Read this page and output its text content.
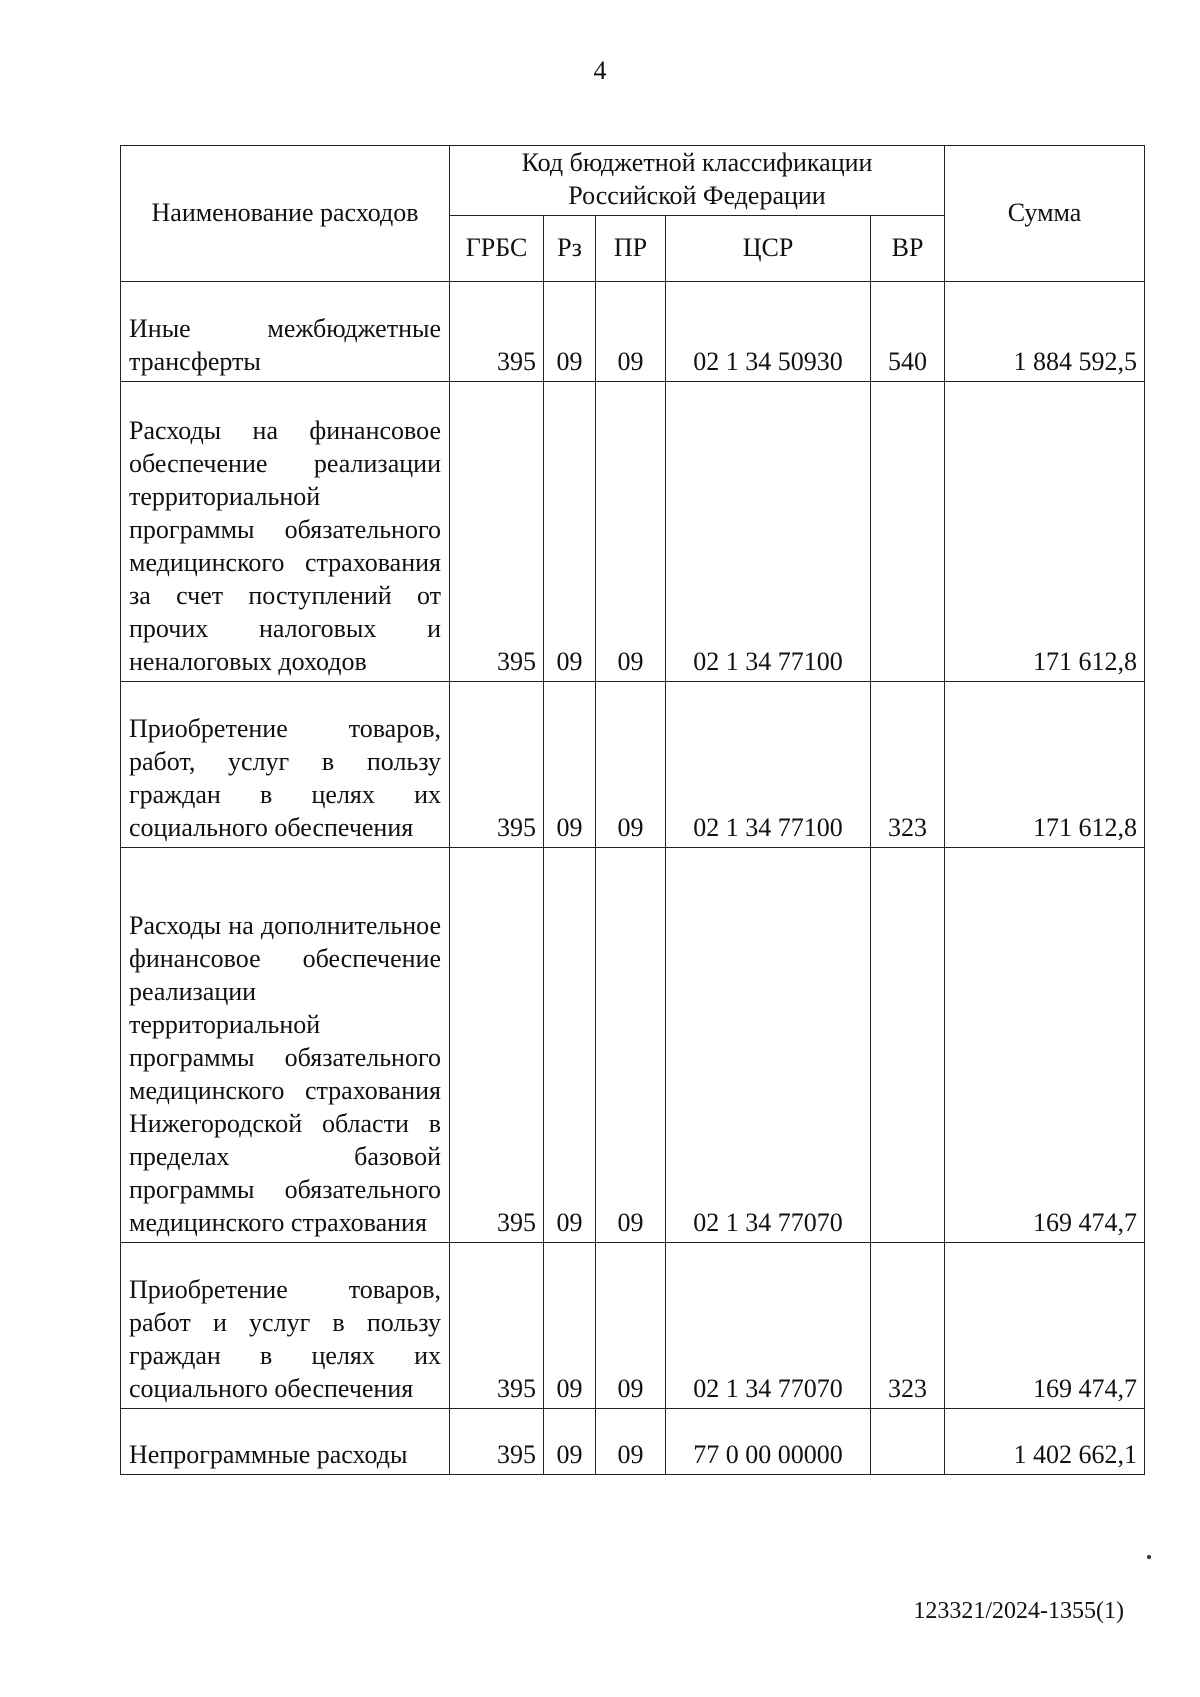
4
Наименование расходов	Код бюджетной классификации Российской Федерации					Сумма
	ГРБС	Рз	ПР	ЦСР	ВР	
Иные межбюджетные трансферты	395	09	09	02 1 34 50930	540	1 884 592,5
Расходы на финансовое обеспечение реализации территориальной программы обязательного медицинского страхования за счет поступлений от прочих налоговых и неналоговых доходов	395	09	09	02 1 34 77100		171 612,8
Приобретение товаров, работ, услуг в пользу граждан в целях их социального обеспечения	395	09	09	02 1 34 77100	323	171 612,8
Расходы на дополнительное финансовое обеспечение реализации территориальной программы обязательного медицинского страхования Нижегородской области в пределах базовой программы обязательного медицинского страхования	395	09	09	02 1 34 77070		169 474,7
Приобретение товаров, работ и услуг в пользу граждан в целях их социального обеспечения	395	09	09	02 1 34 77070	323	169 474,7
Непрограммные расходы	395	09	09	77 0 00 00000		1 402 662,1
123321/2024-1355(1)
